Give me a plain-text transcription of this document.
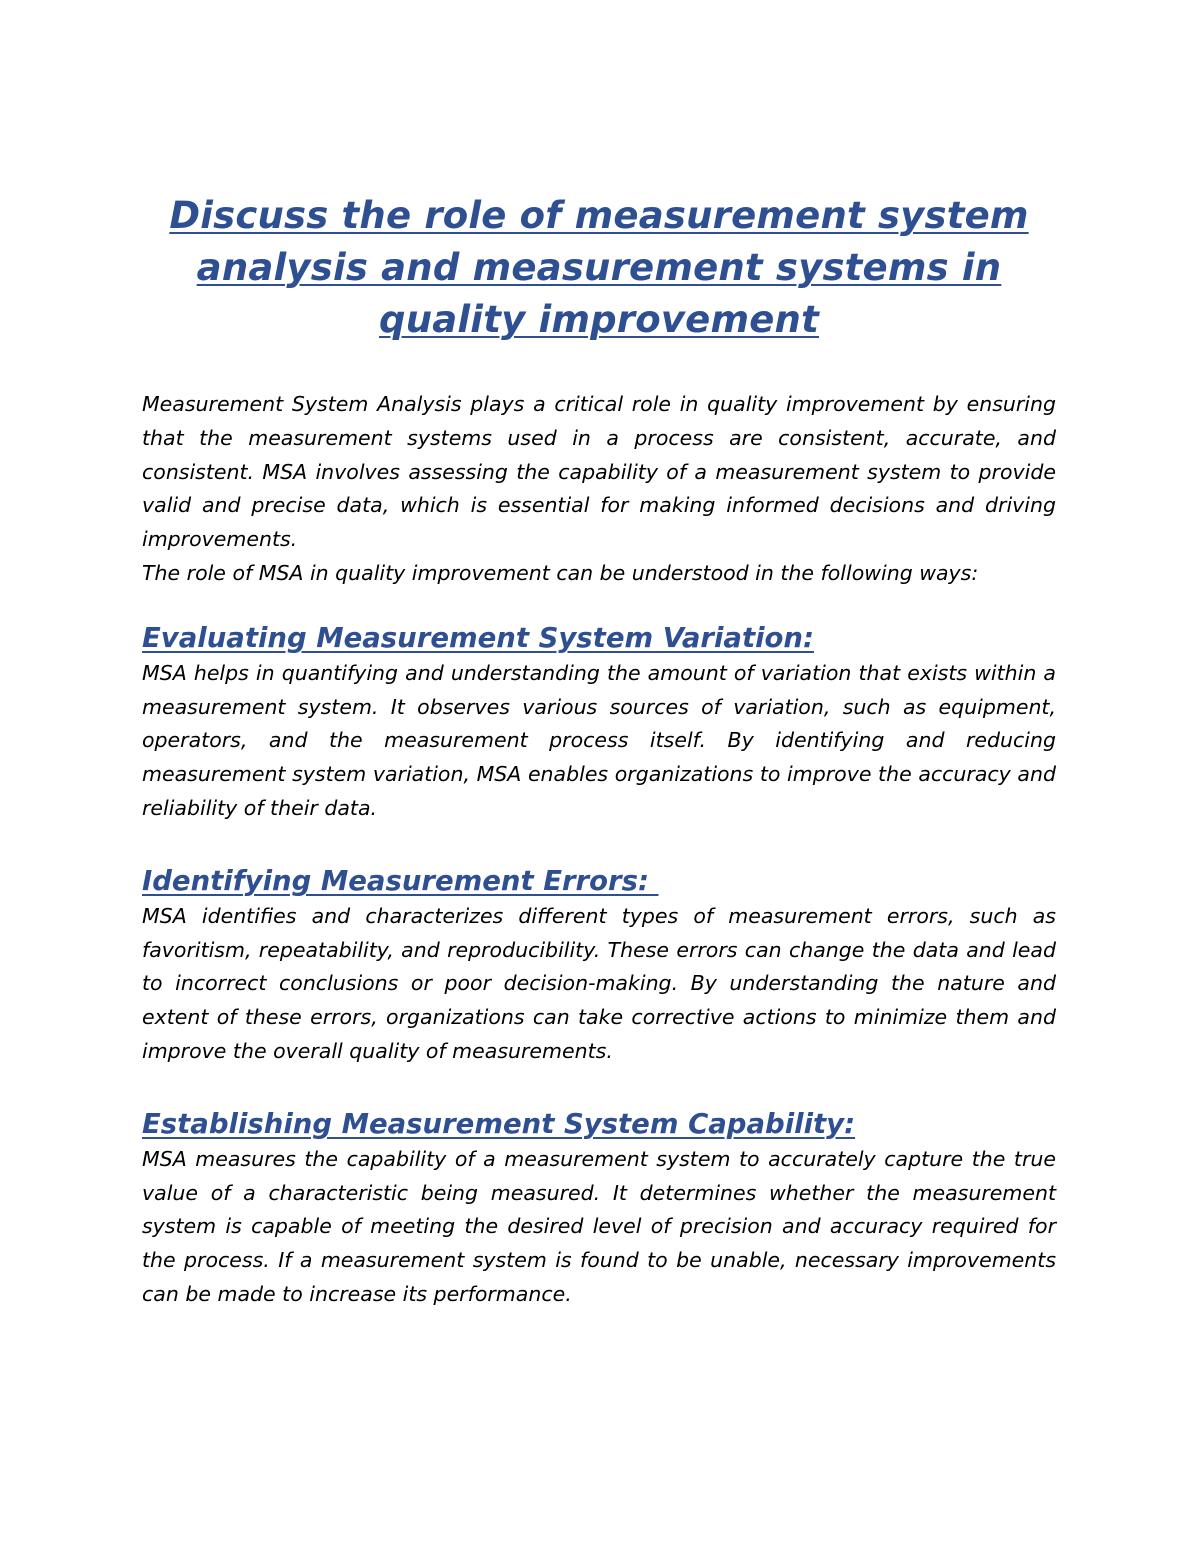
Discuss the role of measurement system analysis and measurement systems in quality improvement

Measurement System Analysis plays a critical role in quality improvement by ensuring that the measurement systems used in a process are consistent, accurate, and consistent. MSA involves assessing the capability of a measurement system to provide valid and precise data, which is essential for making informed decisions and driving improvements.

The role of MSA in quality improvement can be understood in the following ways:

Evaluating Measurement System Variation:

MSA helps in quantifying and understanding the amount of variation that exists within a measurement system. It observes various sources of variation, such as equipment, operators, and the measurement process itself. By identifying and reducing measurement system variation, MSA enables organizations to improve the accuracy and reliability of their data.

Identifying Measurement Errors:

MSA identifies and characterizes different types of measurement errors, such as favoritism, repeatability, and reproducibility. These errors can change the data and lead to incorrect conclusions or poor decision-making. By understanding the nature and extent of these errors, organizations can take corrective actions to minimize them and improve the overall quality of measurements.

Establishing Measurement System Capability:

MSA measures the capability of a measurement system to accurately capture the true value of a characteristic being measured. It determines whether the measurement system is capable of meeting the desired level of precision and accuracy required for the process. If a measurement system is found to be unable, necessary improvements can be made to increase its performance.
